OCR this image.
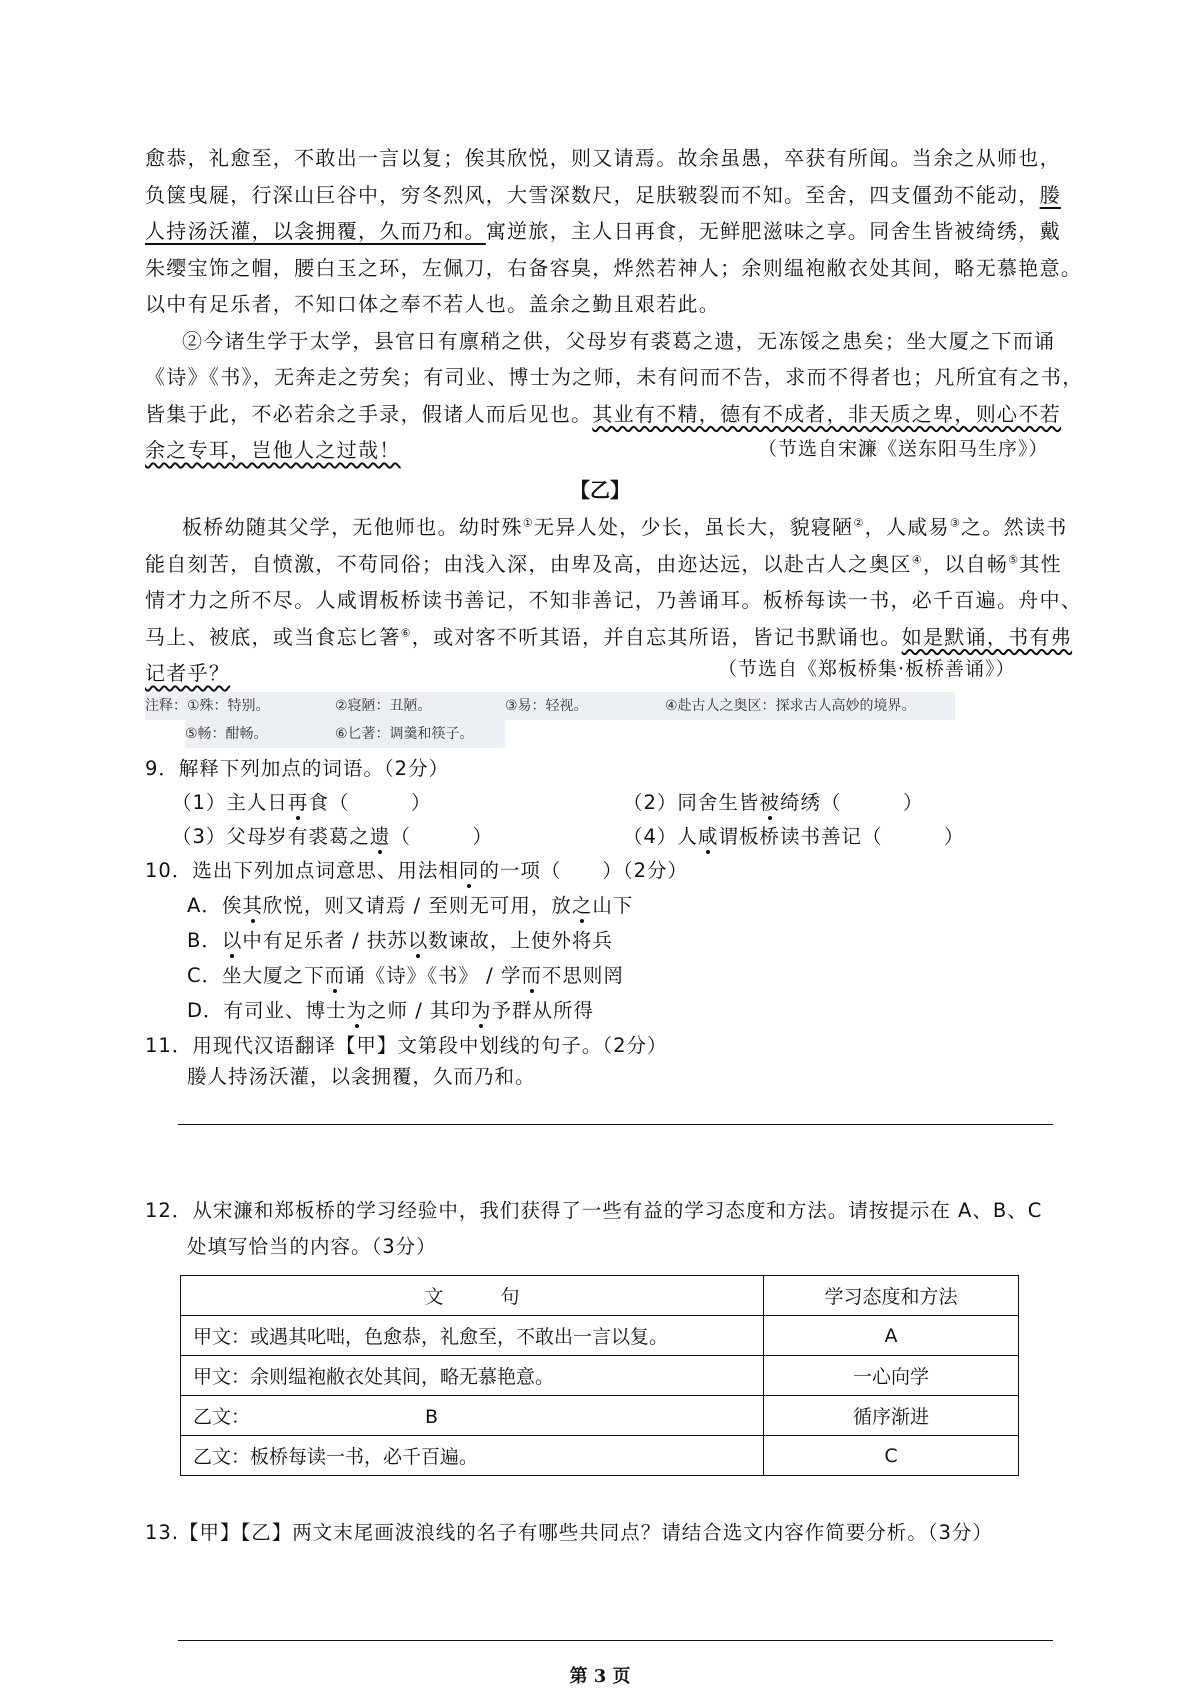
愈恭，礼愈至，不敢出一言以复；俟其欣悦，则又请焉。故余虽愚，卒获有所闻。当余之从师也，
负箧曳屣，行深山巨谷中，穷冬烈风，大雪深数尺，足肤皲裂而不知。至舍，四支僵劲不能动，媵
人持汤沃灌，以衾拥覆，久而乃和。寓逆旅，主人日再食，无鲜肥滋味之享。同舍生皆被绮绣，戴
朱缨宝饰之帽，腰白玉之环，左佩刀，右备容臭，烨然若神人；余则缊袍敝衣处其间，略无慕艳意。
以中有足乐者，不知口体之奉不若人也。盖余之勤且艰若此。
②今诸生学于太学，县官日有廪稍之供，父母岁有裘葛之遗，无冻馁之患矣；坐大厦之下而诵
《诗》《书》，无奔走之劳矣；有司业、博士为之师，未有问而不告，求而不得者也；凡所宜有之书，
皆集于此，不必若余之手录，假诸人而后见也。其业有不精，德有不成者，非天质之卑，则心不若
余之专耳，岂他人之过哉！	（节选自宋濂《送东阳马生序》）
【乙】
板桥幼随其父学，无他师也。幼时殊①无异人处，少长，虽长大，貌寝陋②，人咸易③之。然读书
能自刻苦，自愤激，不苟同俗；由浅入深，由卑及高，由迩达远，以赴古人之奥区④，以自畅⑤其性
情才力之所不尽。人咸谓板桥读书善记，不知非善记，乃善诵耳。板桥每读一书，必千百遍。舟中、
马上、被底，或当食忘匕箸⑥，或对客不听其语，并自忘其所语，皆记书默诵也。如是默诵，书有弗
记者乎？	（节选自《郑板桥集·板桥善诵》）
注释：①殊：特别。	②寝陋：丑陋。	③易：轻视。	④赴古人之奥区：探求古人高妙的境界。
⑤畅：酣畅。	⑥匕著：调羹和筷子。
9．解释下列加点的词语。（2分）
（1）主人日再食（　　　）	（2）同舍生皆被绮绣（　　　）
（3）父母岁有裘葛之遗（　　　）	（4）人咸谓板桥读书善记（　　　）
10．选出下列加点词意思、用法相同的一项（　　）（2分）
A．俟其欣悦，则又请焉 / 至则无可用，放之山下
B．以中有足乐者 / 扶苏以数谏故，上使外将兵
C．坐大厦之下而诵《诗》《书》 / 学而不思则罔
D．有司业、博士为之师 / 其印为予群从所得
11．用现代汉语翻译【甲】文第段中划线的句子。（2分）
媵人持汤沃灌，以衾拥覆，久而乃和。
12．从宋濂和郑板桥的学习经验中，我们获得了一些有益的学习态度和方法。请按提示在 A、B、C
处填写恰当的内容。（3分）
文　　　句	学习态度和方法
甲文：或遇其叱咄，色愈恭，礼愈至，不敢出一言以复。	A
甲文：余则缊袍敝衣处其间，略无慕艳意。	一心向学
乙文： B	循序渐进
乙文：板桥每读一书，必千百遍。	C
13.【甲】【乙】两文末尾画波浪线的名子有哪些共同点？请结合选文内容作简要分析。（3分）
第 3 页
